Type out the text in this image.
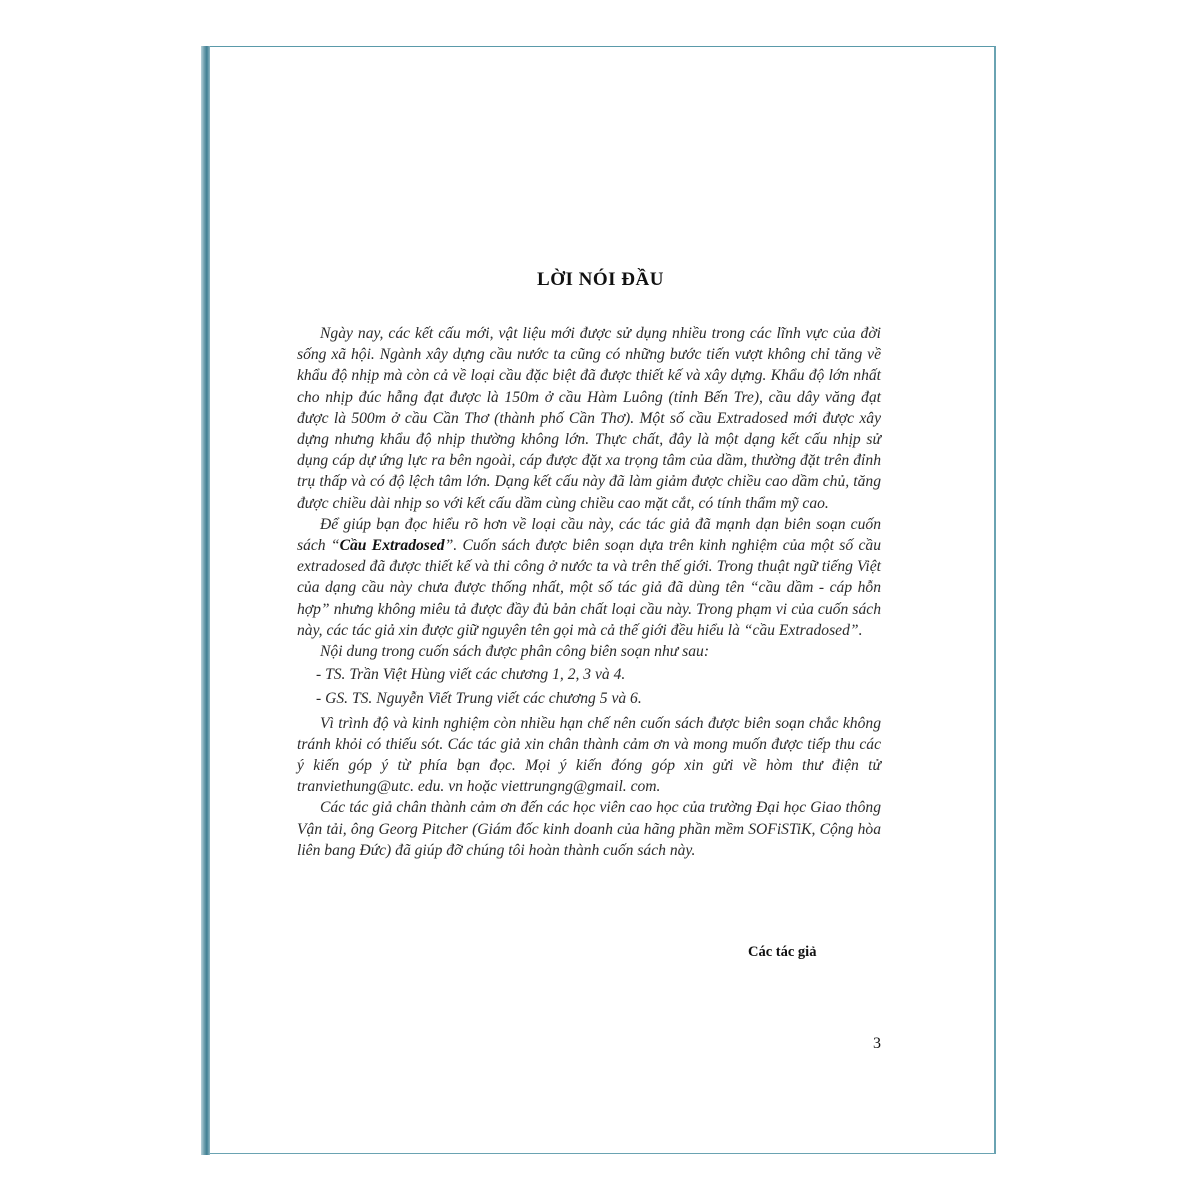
LỜI NÓI ĐẦU

Ngày nay, các kết cấu mới, vật liệu mới được sử dụng nhiều trong các lĩnh vực của đời sống xã hội. Ngành xây dựng cầu nước ta cũng có những bước tiến vượt không chỉ tăng về khẩu độ nhịp mà còn cả về loại cầu đặc biệt đã được thiết kế và xây dựng. Khẩu độ lớn nhất cho nhịp đúc hẫng đạt được là 150m ở cầu Hàm Luông (tỉnh Bến Tre), cầu dây văng đạt được là 500m ở cầu Cần Thơ (thành phố Cần Thơ). Một số cầu Extradosed mới được xây dựng nhưng khẩu độ nhịp thường không lớn. Thực chất, đây là một dạng kết cấu nhịp sử dụng cáp dự ứng lực ra bên ngoài, cáp được đặt xa trọng tâm của dầm, thường đặt trên đỉnh trụ thấp và có độ lệch tâm lớn. Dạng kết cấu này đã làm giảm được chiều cao dầm chủ, tăng được chiều dài nhịp so với kết cấu dầm cùng chiều cao mặt cắt, có tính thẩm mỹ cao.

Để giúp bạn đọc hiểu rõ hơn về loại cầu này, các tác giả đã mạnh dạn biên soạn cuốn sách “Cầu Extradosed”. Cuốn sách được biên soạn dựa trên kinh nghiệm của một số cầu extradosed đã được thiết kế và thi công ở nước ta và trên thế giới. Trong thuật ngữ tiếng Việt của dạng cầu này chưa được thống nhất, một số tác giả đã dùng tên “cầu dầm - cáp hỗn hợp” nhưng không miêu tả được đầy đủ bản chất loại cầu này. Trong phạm vi của cuốn sách này, các tác giả xin được giữ nguyên tên gọi mà cả thế giới đều hiểu là “cầu Extradosed”.

Nội dung trong cuốn sách được phân công biên soạn như sau:

- TS. Trần Việt Hùng viết các chương 1, 2, 3 và 4.

- GS. TS. Nguyễn Viết Trung viết các chương 5 và 6.

Vì trình độ và kinh nghiệm còn nhiều hạn chế nên cuốn sách được biên soạn chắc không tránh khỏi có thiếu sót. Các tác giả xin chân thành cảm ơn và mong muốn được tiếp thu các ý kiến góp ý từ phía bạn đọc. Mọi ý kiến đóng góp xin gửi về hòm thư điện tử tranviethung@utc. edu. vn hoặc viettrungng@gmail. com.

Các tác giả chân thành cảm ơn đến các học viên cao học của trường Đại học Giao thông Vận tải, ông Georg Pitcher (Giám đốc kinh doanh của hãng phần mềm SOFiSTiK, Cộng hòa liên bang Đức) đã giúp đỡ chúng tôi hoàn thành cuốn sách này.

Các tác giả
3
